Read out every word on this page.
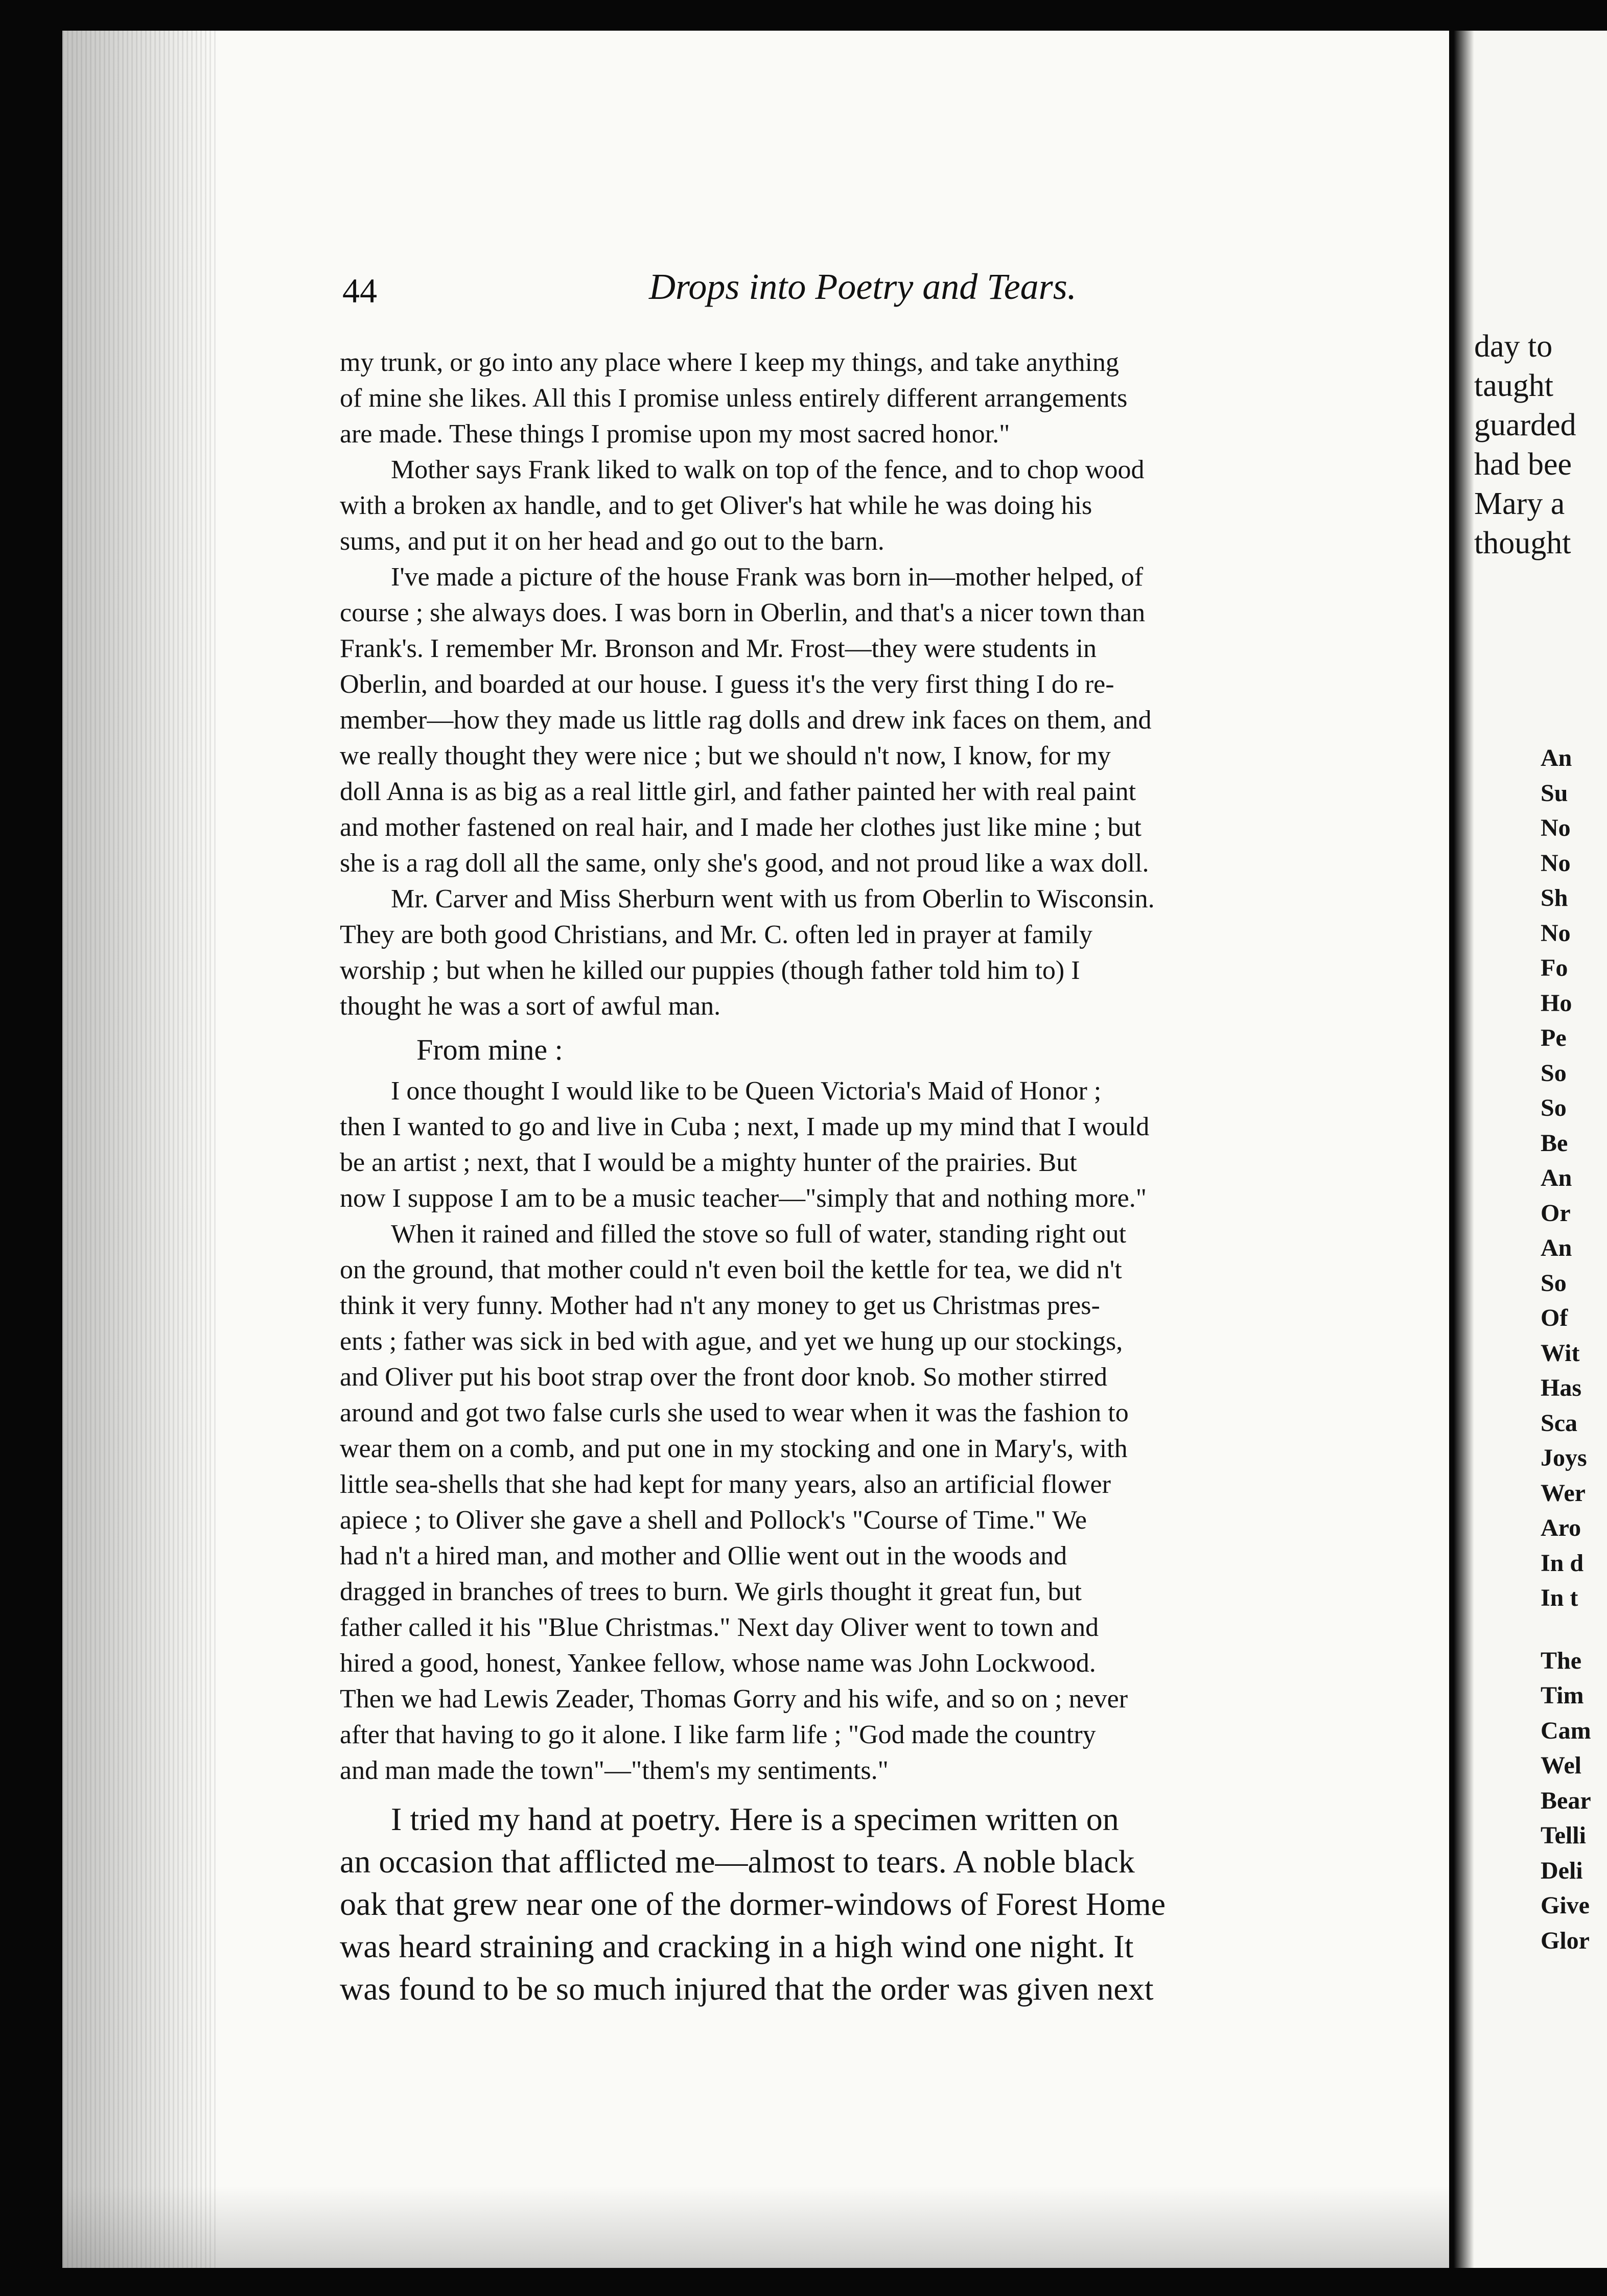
44	Drops into Poetry and Tears.
my trunk, or go into any place where I keep my things, and take anything
of mine she likes. All this I promise unless entirely different arrangements
are made. These things I promise upon my most sacred honor."
Mother says Frank liked to walk on top of the fence, and to chop wood
with a broken ax handle, and to get Oliver's hat while he was doing his
sums, and put it on her head and go out to the barn.
I've made a picture of the house Frank was born in—mother helped, of
course ; she always does. I was born in Oberlin, and that's a nicer town than
Frank's. I remember Mr. Bronson and Mr. Frost—they were students in
Oberlin, and boarded at our house. I guess it's the very first thing I do re-
member—how they made us little rag dolls and drew ink faces on them, and
we really thought they were nice ; but we should n't now, I know, for my
doll Anna is as big as a real little girl, and father painted her with real paint
and mother fastened on real hair, and I made her clothes just like mine ; but
she is a rag doll all the same, only she's good, and not proud like a wax doll.
Mr. Carver and Miss Sherburn went with us from Oberlin to Wisconsin.
They are both good Christians, and Mr. C. often led in prayer at family
worship ; but when he killed our puppies (though father told him to) I
thought he was a sort of awful man.
From mine :
I once thought I would like to be Queen Victoria's Maid of Honor ;
then I wanted to go and live in Cuba ; next, I made up my mind that I would
be an artist ; next, that I would be a mighty hunter of the prairies. But
now I suppose I am to be a music teacher—"simply that and nothing more."
When it rained and filled the stove so full of water, standing right out
on the ground, that mother could n't even boil the kettle for tea, we did n't
think it very funny. Mother had n't any money to get us Christmas pres-
ents ; father was sick in bed with ague, and yet we hung up our stockings,
and Oliver put his boot strap over the front door knob. So mother stirred
around and got two false curls she used to wear when it was the fashion to
wear them on a comb, and put one in my stocking and one in Mary's, with
little sea-shells that she had kept for many years, also an artificial flower
apiece ; to Oliver she gave a shell and Pollock's "Course of Time." We
had n't a hired man, and mother and Ollie went out in the woods and
dragged in branches of trees to burn. We girls thought it great fun, but
father called it his "Blue Christmas." Next day Oliver went to town and
hired a good, honest, Yankee fellow, whose name was John Lockwood.
Then we had Lewis Zeader, Thomas Gorry and his wife, and so on ; never
after that having to go it alone. I like farm life ; "God made the country
and man made the town"—"them's my sentiments."
I tried my hand at poetry. Here is a specimen written on
an occasion that afflicted me—almost to tears. A noble black
oak that grew near one of the dormer-windows of Forest Home
was heard straining and cracking in a high wind one night. It
was found to be so much injured that the order was given next
day to
taught
guarded
had bee
Mary a
thought
An
Su
No
No
Sh
No
Fo
Ho
Pe
So
So
Be
An
Or
An
So
Of
Wit
Has
Sca
Joys
Wer
Aro
In d
In t
The
Tim
Cam
Wel
Bear
Telli
Deli
Give
Glor
